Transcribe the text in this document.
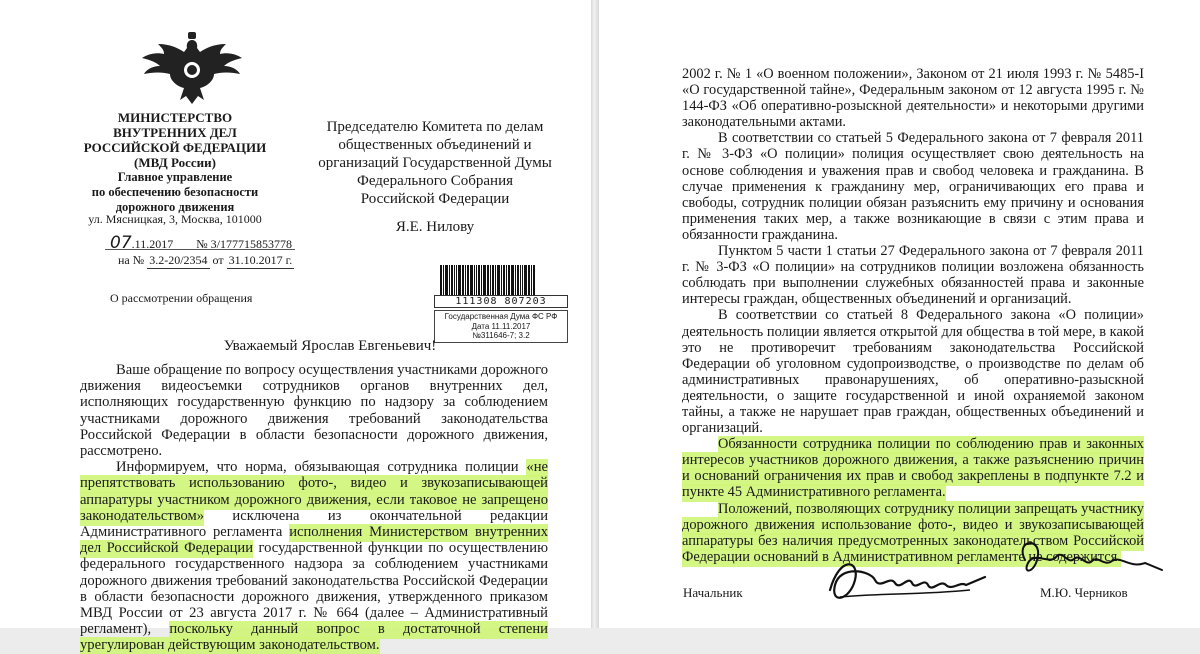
МИНИСТЕРСТВО
ВНУТРЕННИХ ДЕЛ
РОССИЙСКОЙ ФЕДЕРАЦИИ
(МВД России)
Главное управление
по обеспечению безопасности
дорожного движения
ул. Мясницкая, 3, Москва, 101000
07.11.2017 № 3/177715853778
на № 3.2-20/2354 от 31.10.2017 г.
О рассмотрении обращения
Председателю Комитета по делам
общественных объединений и
организаций Государственной Думы
Федерального Собрания
Российской Федерации
Я.Е. Нилову
111308 807203
Государственная Дума ФС РФ
Дата 11.11.2017
№311646-7; 3.2
Уважаемый Ярослав Евгеньевич!

Ваше обращение по вопросу осуществления участниками дорожного движения видеосъемки сотрудников органов внутренних дел, исполняющих государственную функцию по надзору за соблюдением участниками дорожного движения требований законодательства Российской Федерации в области безопасности дорожного движения, рассмотрено.

Информируем, что норма, обязывающая сотрудника полиции «не препятствовать использованию фото-, видео и звукозаписывающей аппаратуры участником дорожного движения, если таковое не запрещено законодательством» исключена из окончательной редакции Административного регламента исполнения Министерством внутренних дел Российской Федерации государственной функции по осуществлению федерального государственного надзора за соблюдением участниками дорожного движения требований законодательства Российской Федерации в области безопасности дорожного движения, утвержденного приказом МВД России от 23 августа 2017 г. № 664 (далее – Административный регламент), поскольку данный вопрос в достаточной степени урегулирован действующим законодательством.

2002 г. № 1 «О военном положении», Законом от 21 июля 1993 г. № 5485-I «О государственной тайне», Федеральным законом от 12 августа 1995 г. № 144-ФЗ «Об оперативно-розыскной деятельности» и некоторыми другими законодательными актами.

В соответствии со статьей 5 Федерального закона от 7 февраля 2011 г. № 3-ФЗ «О полиции» полиция осуществляет свою деятельность на основе соблюдения и уважения прав и свобод человека и гражданина. В случае применения к гражданину мер, ограничивающих его права и свободы, сотрудник полиции обязан разъяснить ему причину и основания применения таких мер, а также возникающие в связи с этим права и обязанности гражданина.

Пунктом 5 части 1 статьи 27 Федерального закона от 7 февраля 2011 г. № 3-ФЗ «О полиции» на сотрудников полиции возложена обязанность соблюдать при выполнении служебных обязанностей права и законные интересы граждан, общественных объединений и организаций.

В соответствии со статьей 8 Федерального закона «О полиции» деятельность полиции является открытой для общества в той мере, в какой это не противоречит требованиям законодательства Российской Федерации об уголовном судопроизводстве, о производстве по делам об административных правонарушениях, об оперативно-разыскной деятельности, о защите государственной и иной охраняемой законом тайны, а также не нарушает прав граждан, общественных объединений и организаций.

Обязанности сотрудника полиции по соблюдению прав и законных интересов участников дорожного движения, а также разъяснению причин и оснований ограничения их прав и свобод закреплены в подпункте 7.2 и пункте 45 Административного регламента.

Положений, позволяющих сотруднику полиции запрещать участнику дорожного движения использование фото-, видео и звукозаписывающей аппаратуры без наличия предусмотренных законодательством Российской Федерации оснований в Административном регламенте не содержится.

Начальник	М.Ю. Черников
